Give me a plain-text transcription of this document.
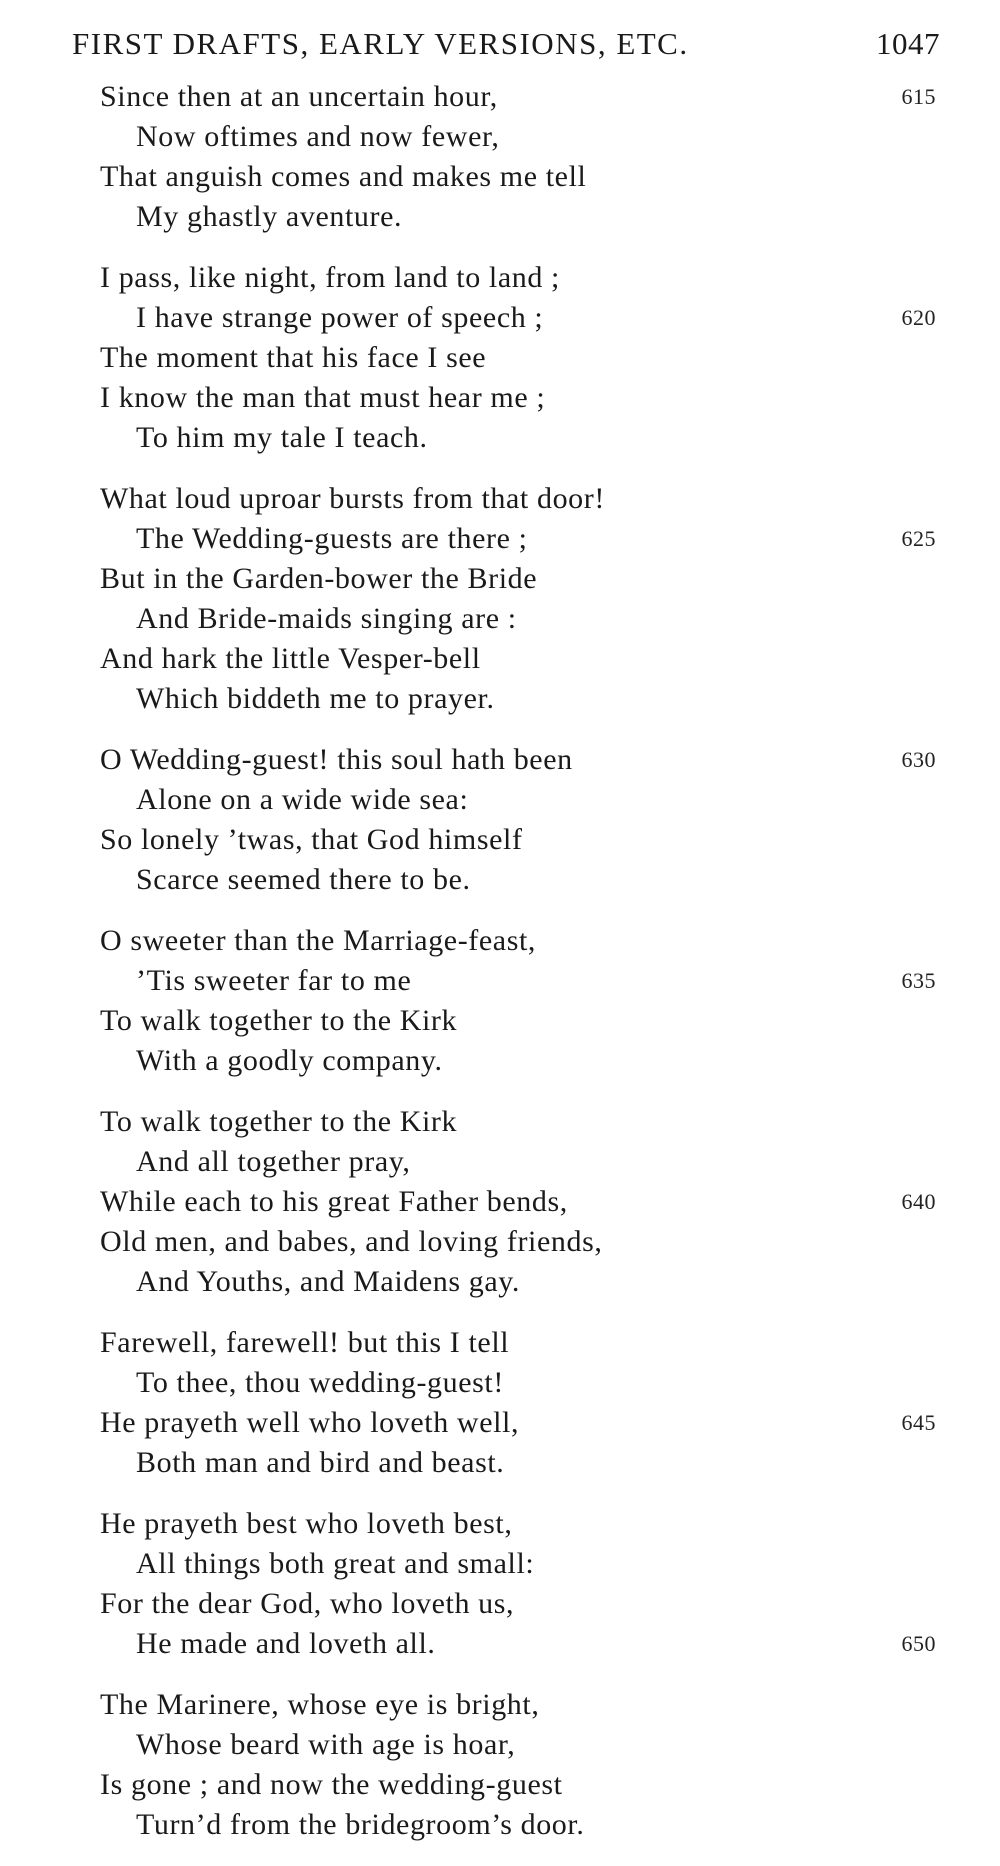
FIRST DRAFTS, EARLY VERSIONS, ETC.	1047
Since then at an uncertain hour,	615
Now oftimes and now fewer,
That anguish comes and makes me tell
My ghastly aventure.
I pass, like night, from land to land ;
I have strange power of speech ;	620
The moment that his face I see
I know the man that must hear me ;
To him my tale I teach.
What loud uproar bursts from that door!
The Wedding-guests are there ;	625
But in the Garden-bower the Bride
And Bride-maids singing are :
And hark the little Vesper-bell
Which biddeth me to prayer.
O Wedding-guest! this soul hath been	630
Alone on a wide wide sea:
So lonely ’twas, that God himself
Scarce seemed there to be.
O sweeter than the Marriage-feast,
’Tis sweeter far to me	635
To walk together to the Kirk
With a goodly company.
To walk together to the Kirk
And all together pray,
While each to his great Father bends,	640
Old men, and babes, and loving friends,
And Youths, and Maidens gay.
Farewell, farewell! but this I tell
To thee, thou wedding-guest!
He prayeth well who loveth well,	645
Both man and bird and beast.
He prayeth best who loveth best,
All things both great and small:
For the dear God, who loveth us,
He made and loveth all.	650
The Marinere, whose eye is bright,
Whose beard with age is hoar,
Is gone ; and now the wedding-guest
Turn’d from the bridegroom’s door.
